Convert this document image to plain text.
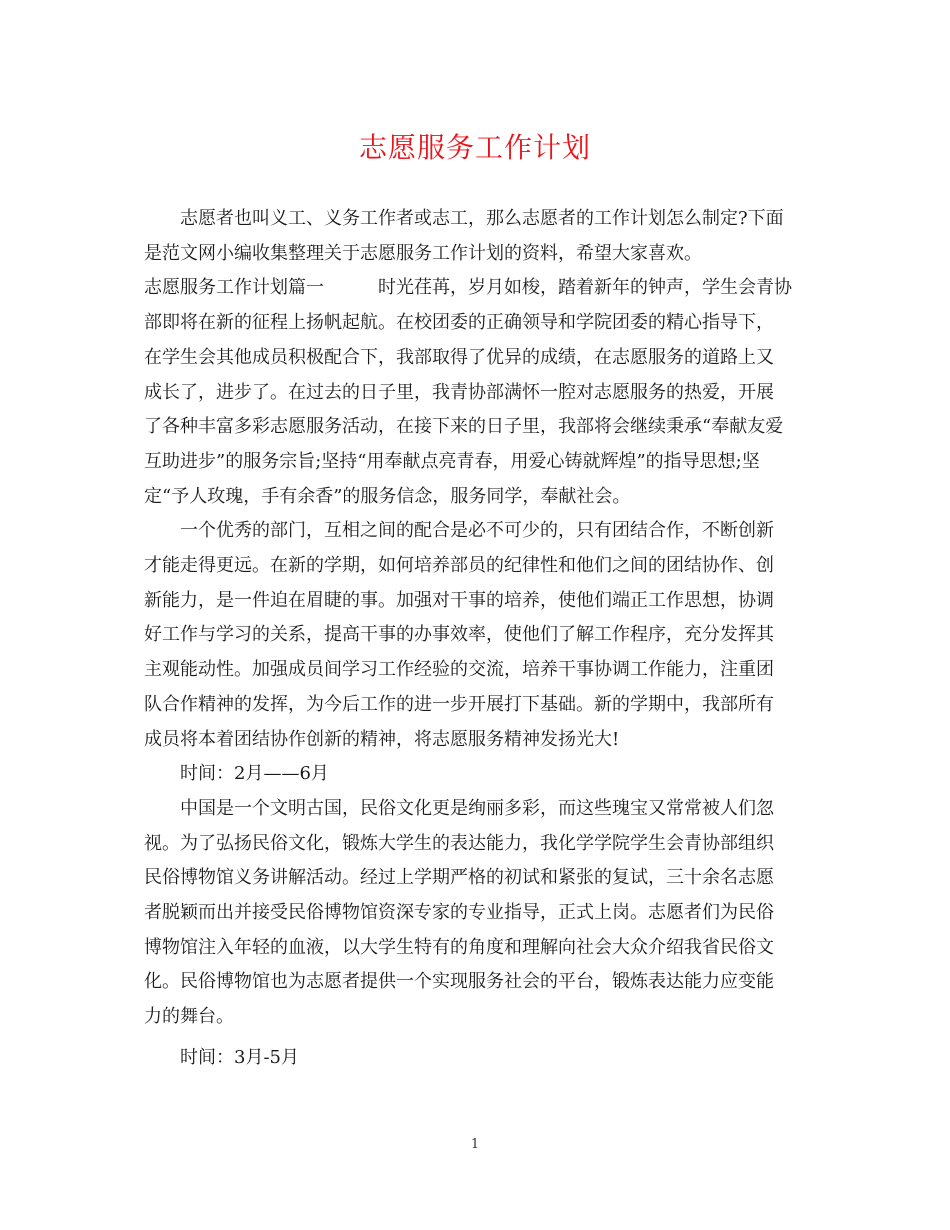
志愿服务工作计划

志愿者也叫义工、义务工作者或志工，那么志愿者的工作计划怎么制定?下面

是范文网小编收集整理关于志愿服务工作计划的资料，希望大家喜欢。

志愿服务工作计划篇一	时光荏苒，岁月如梭，踏着新年的钟声，学生会青协

部即将在新的征程上扬帆起航。在校团委的正确领导和学院团委的精心指导下，

在学生会其他成员积极配合下，我部取得了优异的成绩，在志愿服务的道路上又

成长了，进步了。在过去的日子里，我青协部满怀一腔对志愿服务的热爱，开展

了各种丰富多彩志愿服务活动，在接下来的日子里，我部将会继续秉承“奉献友爱

互助进步”的服务宗旨;坚持“用奉献点亮青春，用爱心铸就辉煌”的指导思想;坚

定“予人玫瑰，手有余香”的服务信念，服务同学，奉献社会。

一个优秀的部门，互相之间的配合是必不可少的，只有团结合作，不断创新

才能走得更远。在新的学期，如何培养部员的纪律性和他们之间的团结协作、创

新能力，是一件迫在眉睫的事。加强对干事的培养，使他们端正工作思想，协调

好工作与学习的关系，提高干事的办事效率，使他们了解工作程序，充分发挥其

主观能动性。加强成员间学习工作经验的交流，培养干事协调工作能力，注重团

队合作精神的发挥，为今后工作的进一步开展打下基础。新的学期中，我部所有

成员将本着团结协作创新的精神，将志愿服务精神发扬光大!

时间：2月——6月

中国是一个文明古国，民俗文化更是绚丽多彩，而这些瑰宝又常常被人们忽

视。为了弘扬民俗文化，锻炼大学生的表达能力，我化学学院学生会青协部组织

民俗博物馆义务讲解活动。经过上学期严格的初试和紧张的复试，三十余名志愿

者脱颖而出并接受民俗博物馆资深专家的专业指导，正式上岗。志愿者们为民俗

博物馆注入年轻的血液，以大学生特有的角度和理解向社会大众介绍我省民俗文

化。民俗博物馆也为志愿者提供一个实现服务社会的平台，锻炼表达能力应变能

力的舞台。

时间：3月-5月

1
